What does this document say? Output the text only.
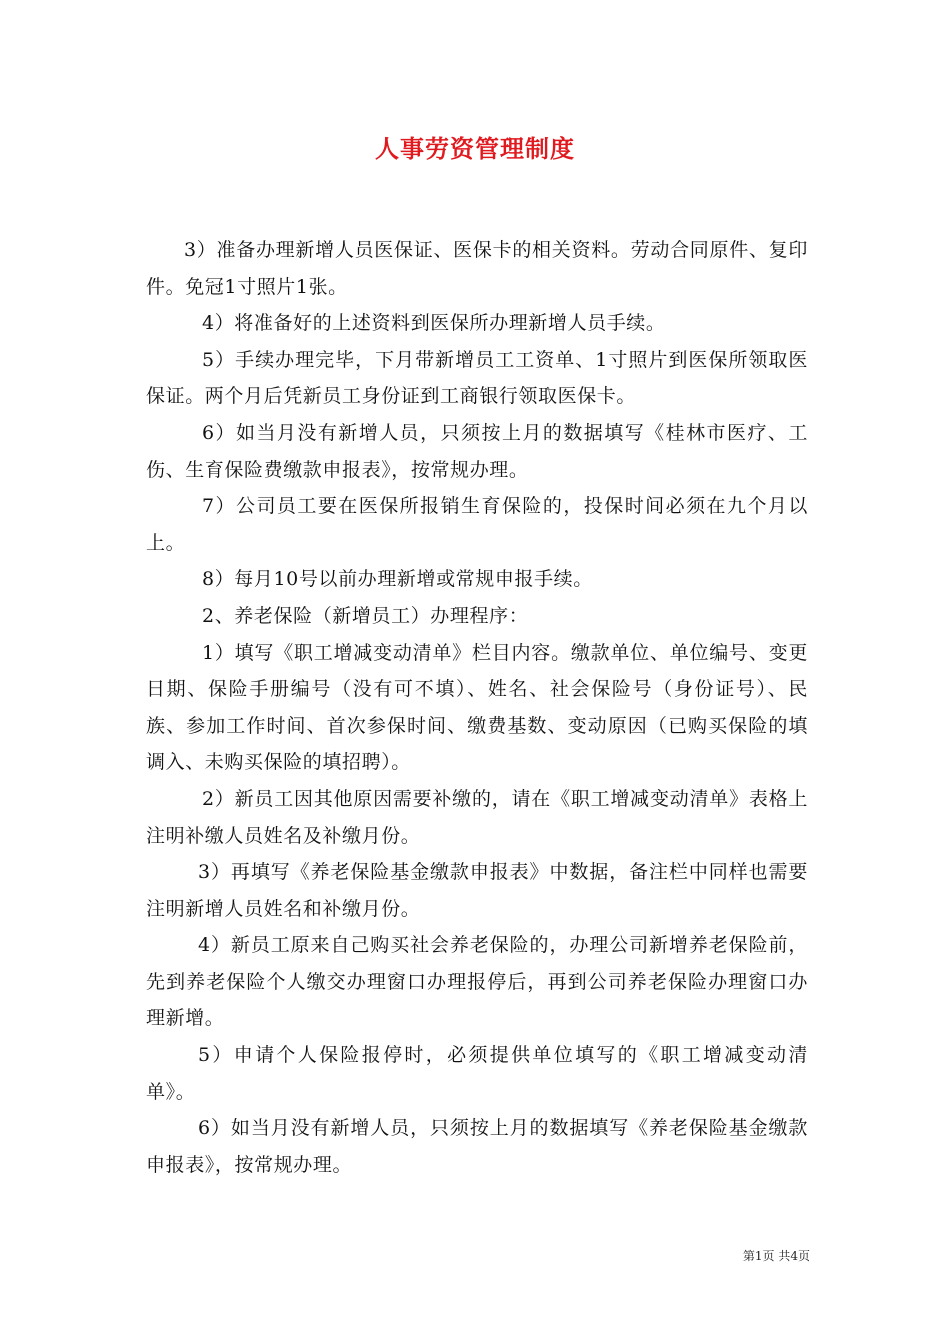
人事劳资管理制度

3）准备办理新增人员医保证、医保卡的相关资料。劳动合同原件、复印件。免冠1寸照片1张。

4）将准备好的上述资料到医保所办理新增人员手续。

5）手续办理完毕，下月带新增员工工资单、1寸照片到医保所领取医保证。两个月后凭新员工身份证到工商银行领取医保卡。

6）如当月没有新增人员，只须按上月的数据填写《桂林市医疗、工伤、生育保险费缴款申报表》，按常规办理。

7）公司员工要在医保所报销生育保险的，投保时间必须在九个月以上。

8）每月10号以前办理新增或常规申报手续。

2、养老保险（新增员工）办理程序：

1）填写《职工增减变动清单》栏目内容。缴款单位、单位编号、变更日期、保险手册编号（没有可不填）、姓名、社会保险号（身份证号）、民族、参加工作时间、首次参保时间、缴费基数、变动原因（已购买保险的填调入、未购买保险的填招聘）。

2）新员工因其他原因需要补缴的，请在《职工增减变动清单》表格上注明补缴人员姓名及补缴月份。

3）再填写《养老保险基金缴款申报表》中数据，备注栏中同样也需要注明新增人员姓名和补缴月份。

4）新员工原来自己购买社会养老保险的，办理公司新增养老保险前，先到养老保险个人缴交办理窗口办理报停后，再到公司养老保险办理窗口办理新增。

5）申请个人保险报停时，必须提供单位填写的《职工增减变动清单》。

6）如当月没有新增人员，只须按上月的数据填写《养老保险基金缴款申报表》，按常规办理。

第1页 共4页
